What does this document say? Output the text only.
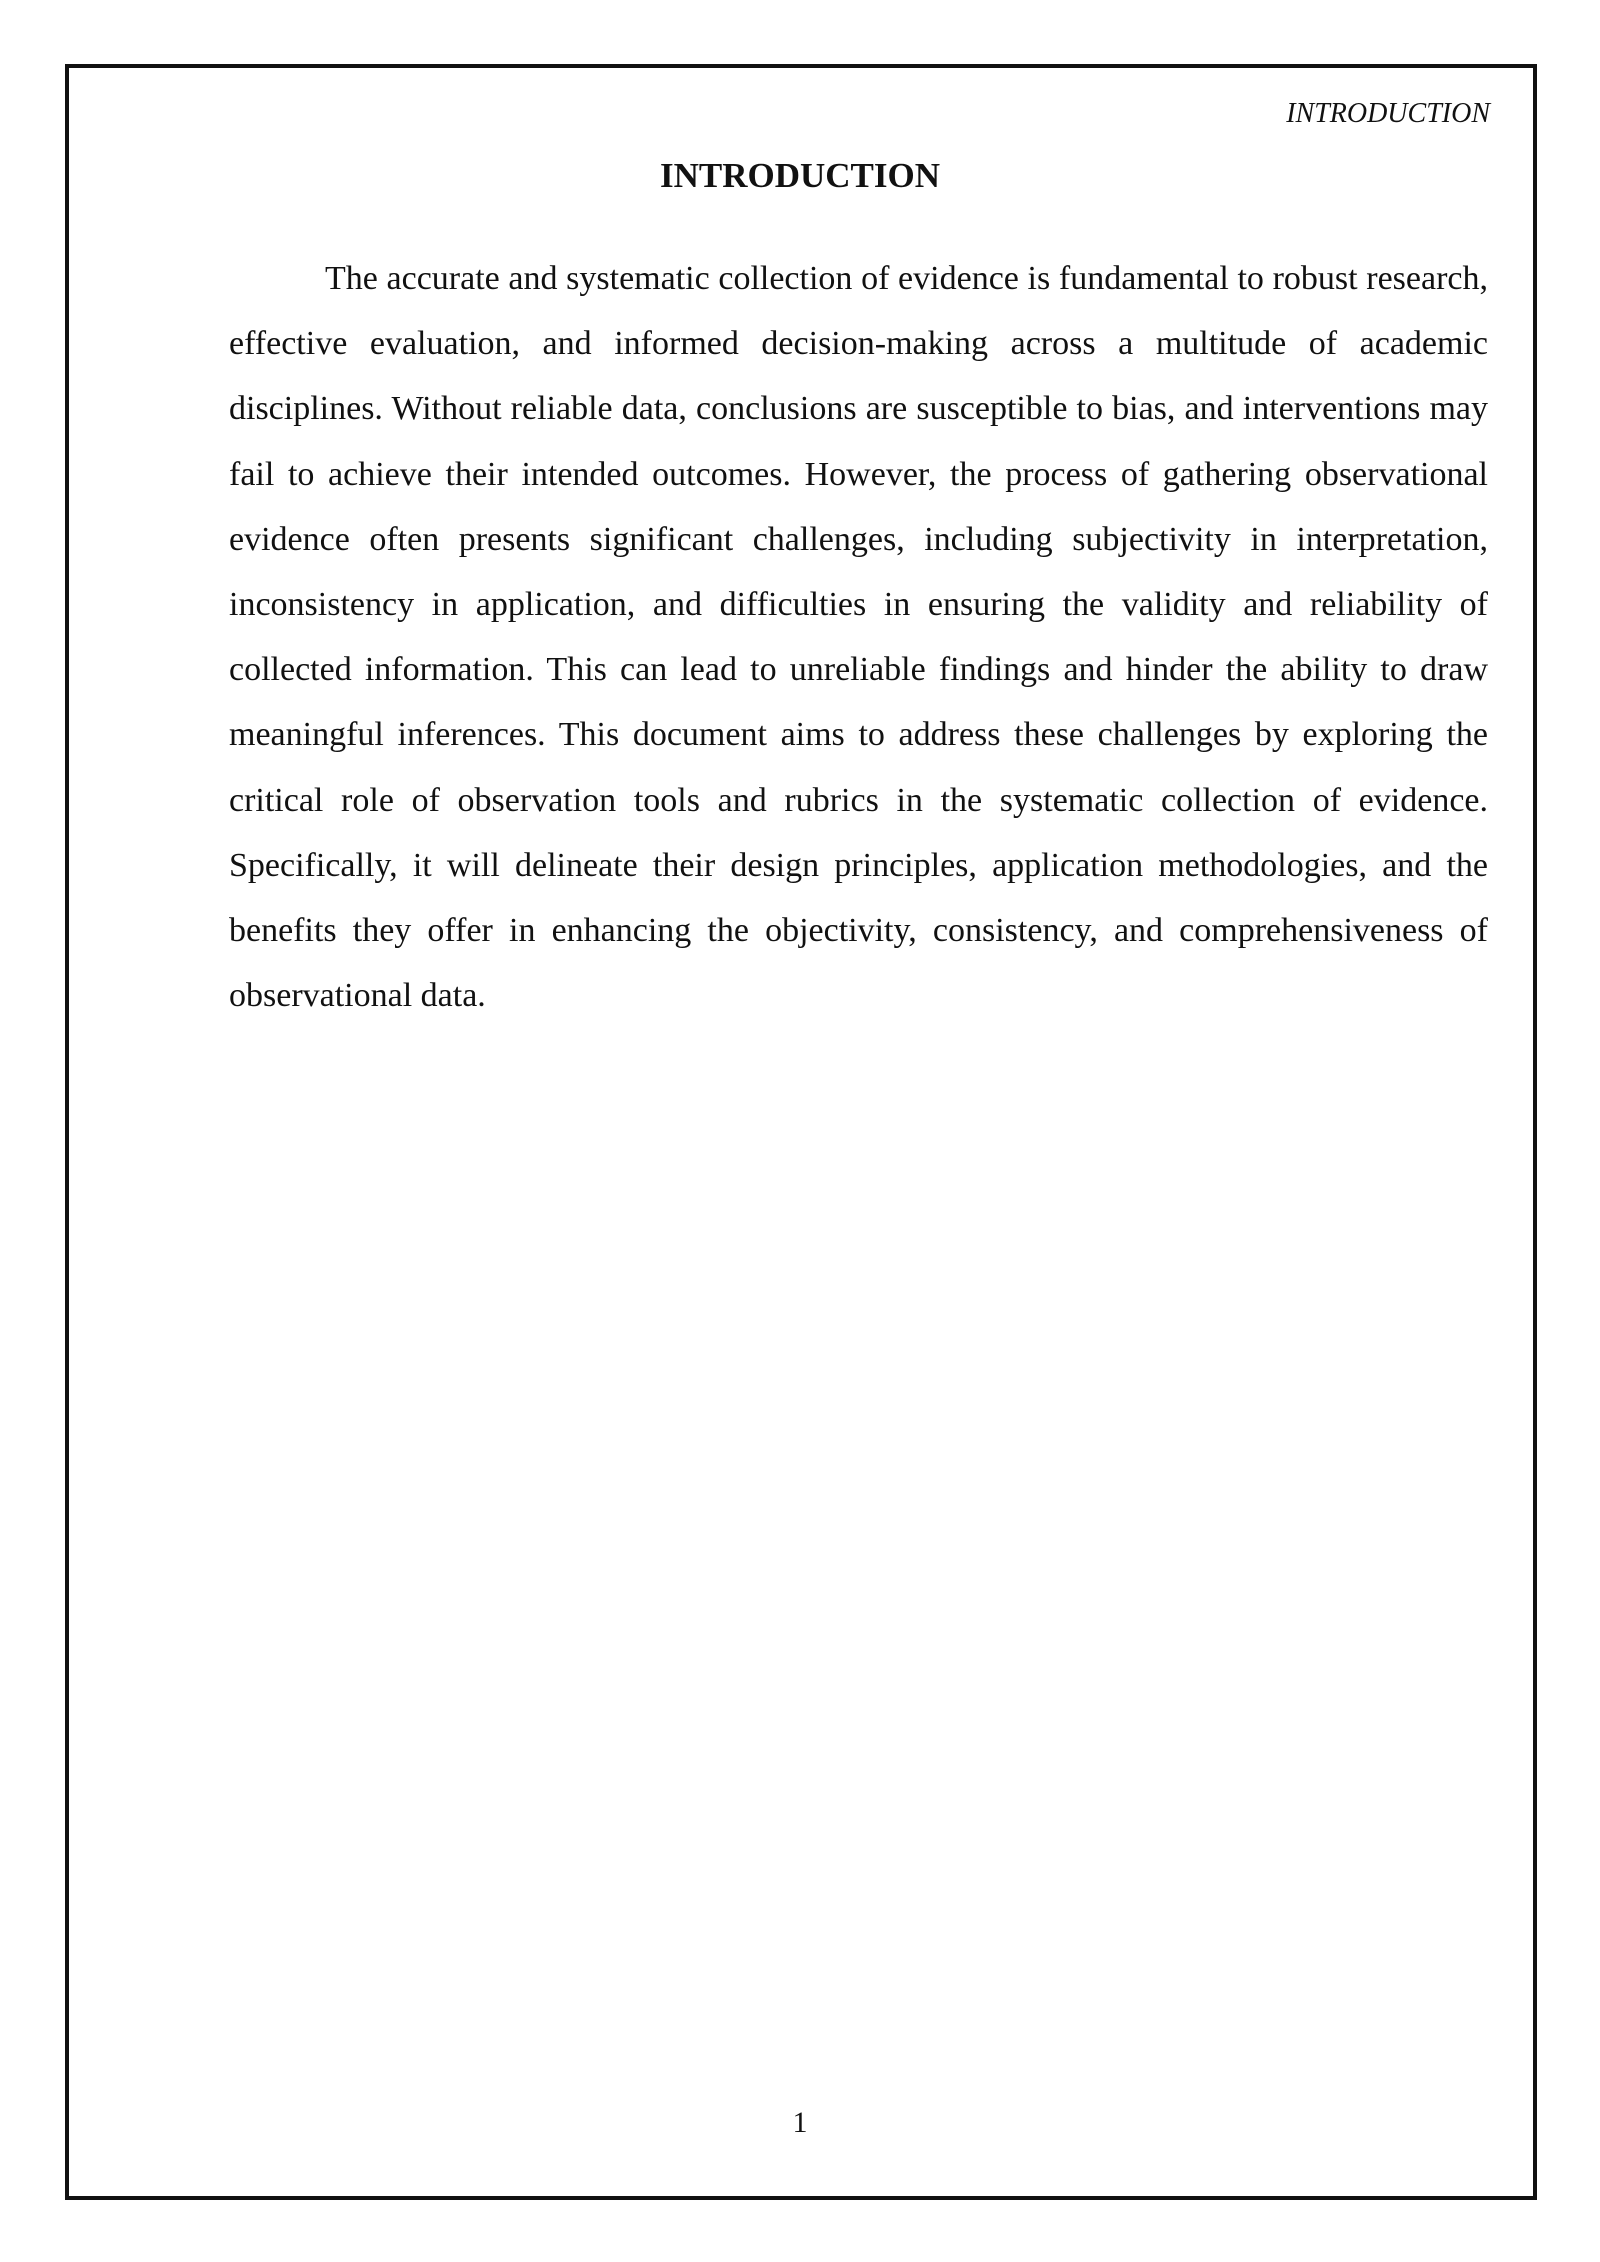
INTRODUCTION

INTRODUCTION

The accurate and systematic collection of evidence is fundamental to robust research, effective evaluation, and informed decision-making across a multitude of academic disciplines. Without reliable data, conclusions are susceptible to bias, and interventions may fail to achieve their intended outcomes. However, the process of gathering observational evidence often presents significant challenges, including subjectivity in interpretation, inconsistency in application, and difficulties in ensuring the validity and reliability of collected information. This can lead to unreliable findings and hinder the ability to draw meaningful inferences. This document aims to address these challenges by exploring the critical role of observation tools and rubrics in the systematic collection of evidence. Specifically, it will delineate their design principles, application methodologies, and the benefits they offer in enhancing the objectivity, consistency, and comprehensiveness of observational data.

1
